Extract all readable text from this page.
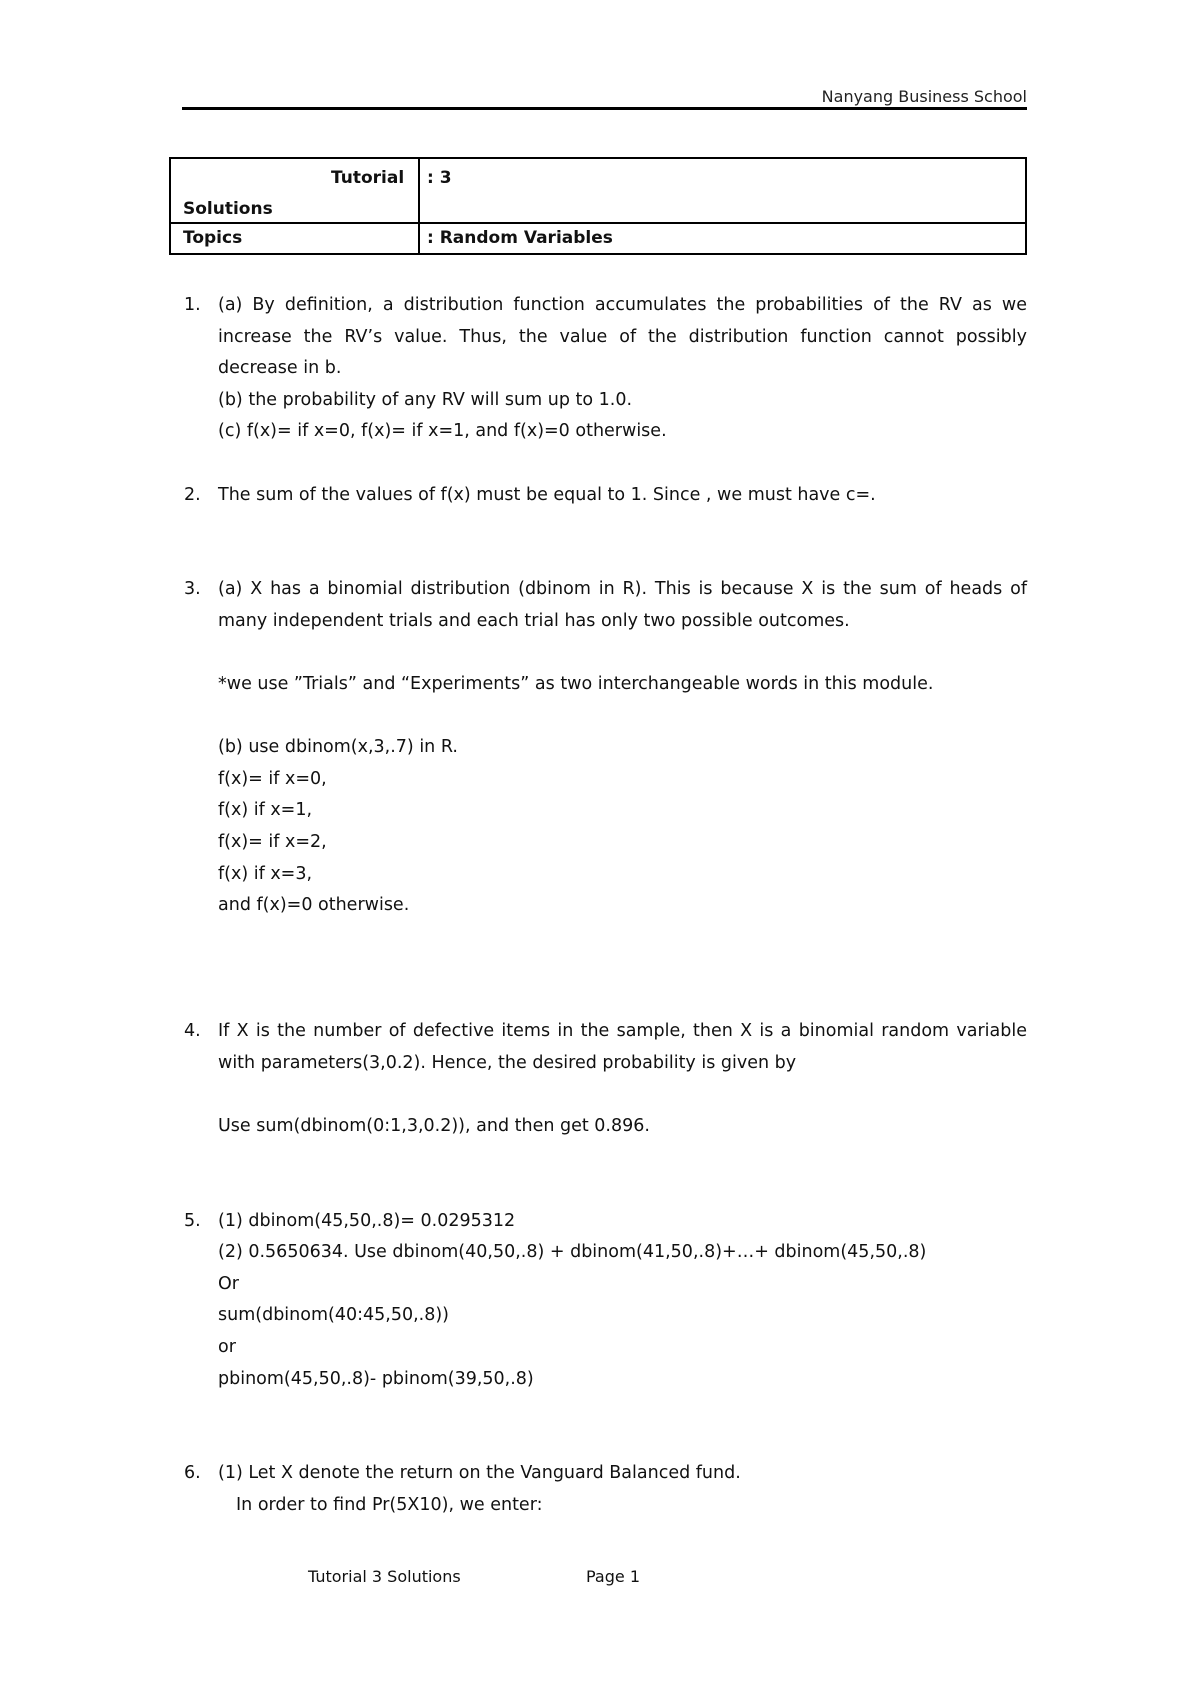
Nanyang Business School
Tutorial
Solutions
: 3
Topics	: Random Variables
1. (a) By definition, a distribution function accumulates the probabilities of the RV as we increase the RV’s value. Thus, the value of the distribution function cannot possibly decrease in b.

(b) the probability of any RV will sum up to 1.0.

(c) f(x)= if x=0, f(x)= if x=1, and f(x)=0 otherwise.

2. The sum of the values of f(x) must be equal to 1. Since , we must have c=.

3. (a) X has a binomial distribution (dbinom in R). This is because X is the sum of heads of many independent trials and each trial has only two possible outcomes.

*we use ”Trials” and “Experiments” as two interchangeable words in this module.

(b) use dbinom(x,3,.7) in R.

f(x)= if x=0,

f(x) if x=1,

f(x)= if x=2,

f(x) if x=3,

and f(x)=0 otherwise.

4. If X is the number of defective items in the sample, then X is a binomial random variable with parameters(3,0.2). Hence, the desired probability is given by

Use sum(dbinom(0:1,3,0.2)), and then get 0.896.

5. (1) dbinom(45,50,.8)= 0.0295312

(2) 0.5650634. Use dbinom(40,50,.8) + dbinom(41,50,.8)+…+ dbinom(45,50,.8)

Or

sum(dbinom(40:45,50,.8))

or

pbinom(45,50,.8)- pbinom(39,50,.8)

6. (1) Let X denote the return on the Vanguard Balanced fund.

In order to find Pr(5X10), we enter:

Tutorial 3 Solutions	Page 1
